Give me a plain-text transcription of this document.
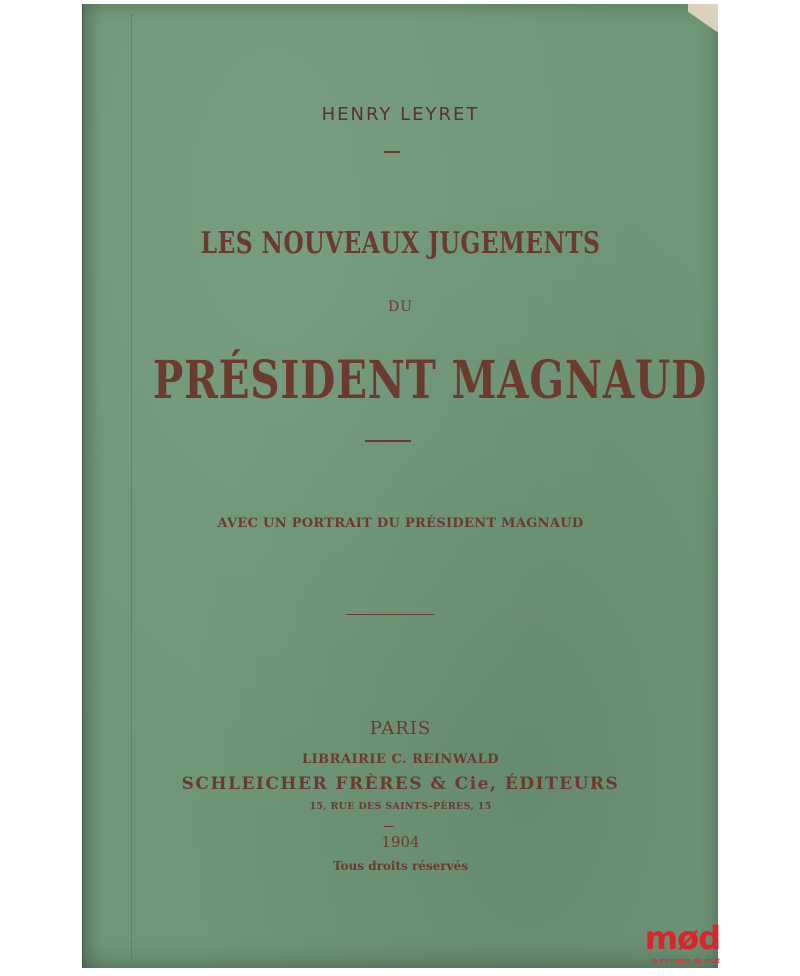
HENRY LEYRET
LES NOUVEAUX JUGEMENTS
DU
PRÉSIDENT MAGNAUD
AVEC UN PORTRAIT DU PRÉSIDENT MAGNAUD
PARIS
LIBRAIRIE C. REINWALD
SCHLEICHER FRÈRES & Cie, ÉDITEURS
15, RUE DES SAINTS-PÈRES, 15
1904
Tous droits réservés
mød
la mémoire du droit
